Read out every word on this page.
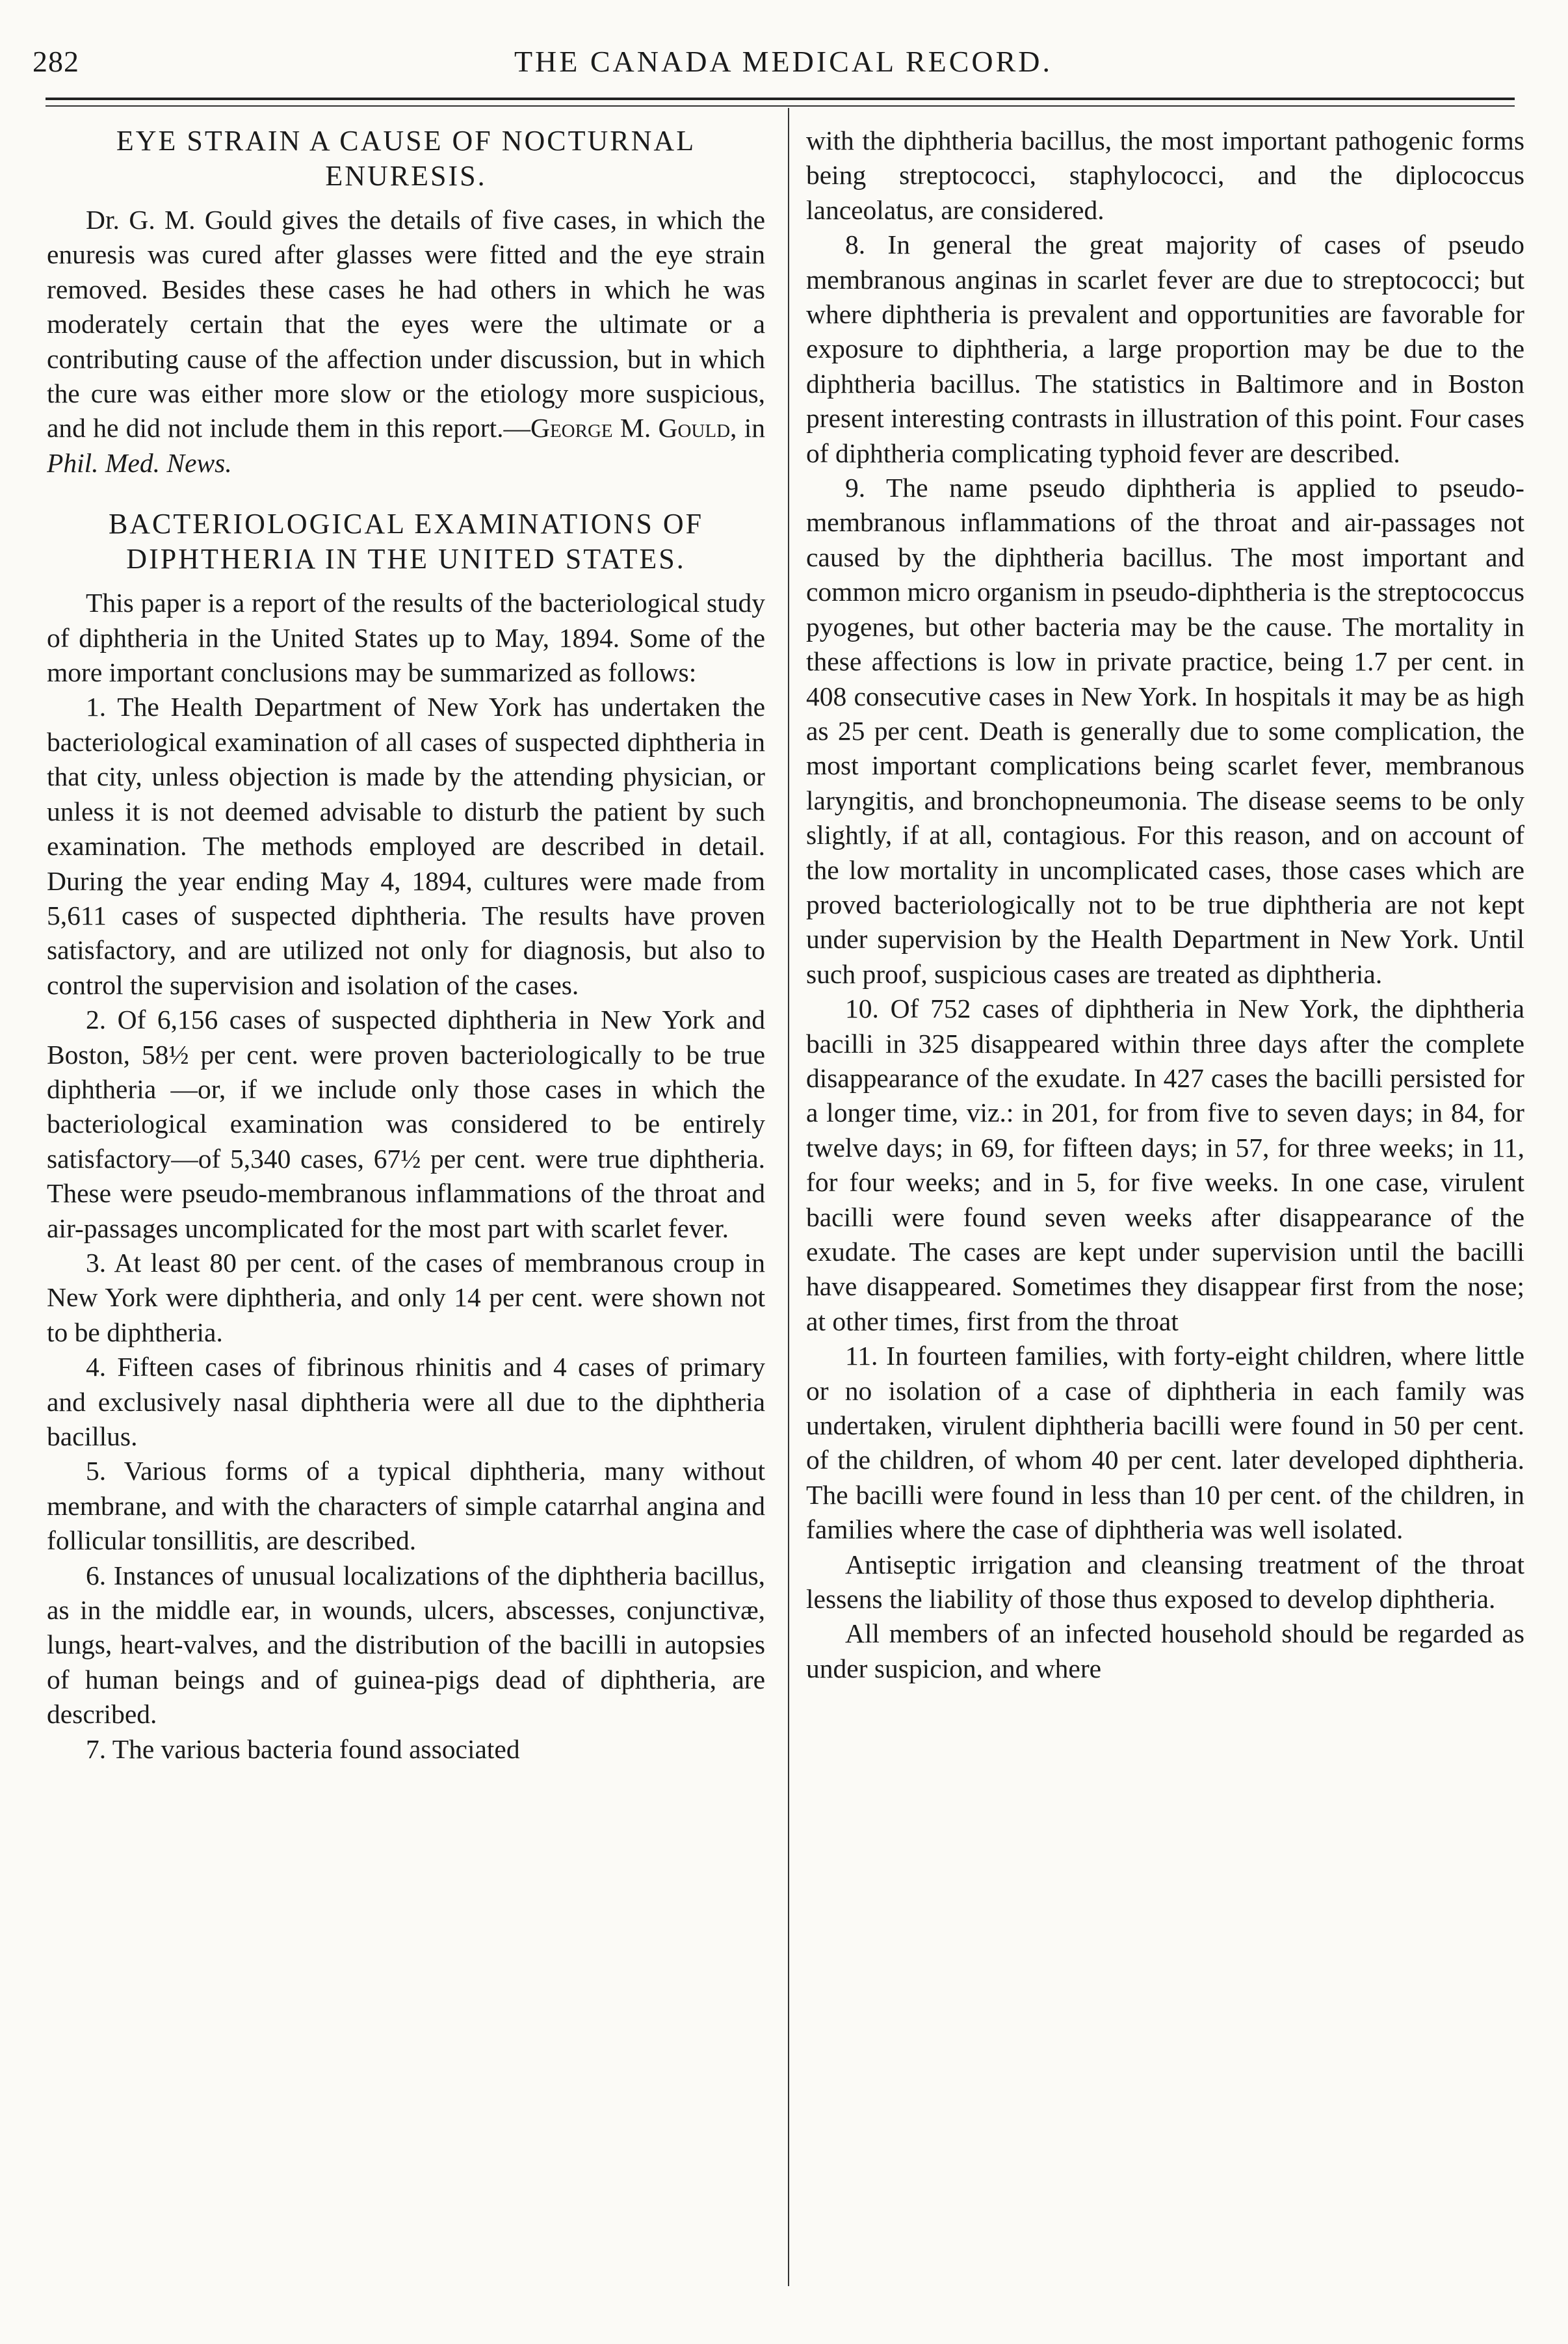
282	THE CANADA MEDICAL RECORD.
EYE STRAIN A CAUSE OF NOCTURNAL ENURESIS.

Dr. G. M. Gould gives the details of five cases, in which the enuresis was cured after glasses were fitted and the eye strain removed. Besides these cases he had others in which he was moderately certain that the eyes were the ultimate or a contributing cause of the affection under discussion, but in which the cure was either more slow or the etiology more suspicious, and he did not include them in this report.—George M. Gould, in Phil. Med. News.

BACTERIOLOGICAL EXAMINATIONS OF DIPHTHERIA IN THE UNITED STATES.

This paper is a report of the results of the bacteriological study of diphtheria in the United States up to May, 1894. Some of the more important conclusions may be summarized as follows:

1. The Health Department of New York has undertaken the bacteriological examination of all cases of suspected diphtheria in that city, unless objection is made by the attending physician, or unless it is not deemed advisable to disturb the patient by such examination. The methods employed are described in detail. During the year ending May 4, 1894, cultures were made from 5,611 cases of suspected diphtheria. The results have proven satisfactory, and are utilized not only for diagnosis, but also to control the supervision and isolation of the cases.

2. Of 6,156 cases of suspected diphtheria in New York and Boston, 58½ per cent. were proven bacteriologically to be true diphtheria —or, if we include only those cases in which the bacteriological examination was considered to be entirely satisfactory—of 5,340 cases, 67½ per cent. were true diphtheria. These were pseudo-membranous inflammations of the throat and air-passages uncomplicated for the most part with scarlet fever.

3. At least 80 per cent. of the cases of membranous croup in New York were diphtheria, and only 14 per cent. were shown not to be diphtheria.

4. Fifteen cases of fibrinous rhinitis and 4 cases of primary and exclusively nasal diphtheria were all due to the diphtheria bacillus.

5. Various forms of a typical diphtheria, many without membrane, and with the characters of simple catarrhal angina and follicular tonsillitis, are described.

6. Instances of unusual localizations of the diphtheria bacillus, as in the middle ear, in wounds, ulcers, abscesses, conjunctivæ, lungs, heart-valves, and the distribution of the bacilli in autopsies of human beings and of guinea-pigs dead of diphtheria, are described.

7. The various bacteria found associated

with the diphtheria bacillus, the most important pathogenic forms being streptococci, staphylococci, and the diplococcus lanceolatus, are considered.

8. In general the great majority of cases of pseudo membranous anginas in scarlet fever are due to streptococci; but where diphtheria is prevalent and opportunities are favorable for exposure to diphtheria, a large proportion may be due to the diphtheria bacillus. The statistics in Baltimore and in Boston present interesting contrasts in illustration of this point. Four cases of diphtheria complicating typhoid fever are described.

9. The name pseudo diphtheria is applied to pseudo-membranous inflammations of the throat and air-passages not caused by the diphtheria bacillus. The most important and common micro organism in pseudo-diphtheria is the streptococcus pyogenes, but other bacteria may be the cause. The mortality in these affections is low in private practice, being 1.7 per cent. in 408 consecutive cases in New York. In hospitals it may be as high as 25 per cent. Death is generally due to some complication, the most important complications being scarlet fever, membranous laryngitis, and bronchopneumonia. The disease seems to be only slightly, if at all, contagious. For this reason, and on account of the low mortality in uncomplicated cases, those cases which are proved bacteriologically not to be true diphtheria are not kept under supervision by the Health Department in New York. Until such proof, suspicious cases are treated as diphtheria.

10. Of 752 cases of diphtheria in New York, the diphtheria bacilli in 325 disappeared within three days after the complete disappearance of the exudate. In 427 cases the bacilli persisted for a longer time, viz.: in 201, for from five to seven days; in 84, for twelve days; in 69, for fifteen days; in 57, for three weeks; in 11, for four weeks; and in 5, for five weeks. In one case, virulent bacilli were found seven weeks after disappearance of the exudate. The cases are kept under supervision until the bacilli have disappeared. Sometimes they disappear first from the nose; at other times, first from the throat

11. In fourteen families, with forty-eight children, where little or no isolation of a case of diphtheria in each family was undertaken, virulent diphtheria bacilli were found in 50 per cent. of the children, of whom 40 per cent. later developed diphtheria. The bacilli were found in less than 10 per cent. of the children, in families where the case of diphtheria was well isolated.

Antiseptic irrigation and cleansing treatment of the throat lessens the liability of those thus exposed to develop diphtheria.

All members of an infected household should be regarded as under suspicion, and where
